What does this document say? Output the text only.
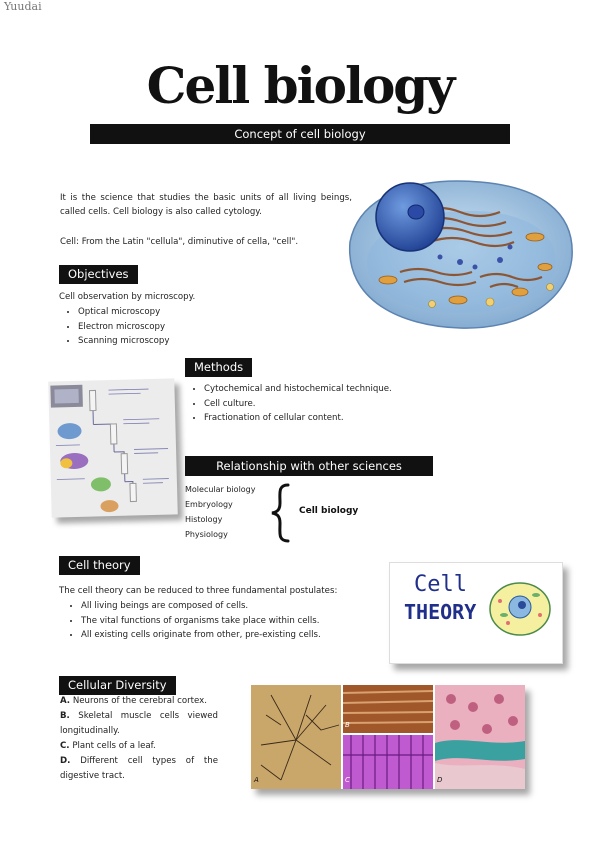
Yuudai
Cell biology
Concept of cell biology
It is the science that studies the basic units of all living beings, called cells. Cell biology is also called cytology.
Cell: From the Latin "cellula", diminutive of cella, "cell".
Objectives
Cell observation by microscopy.
• Optical microscopy
• Electron microscopy
• Scanning microscopy
Methods
• Cytochemical and histochemical technique.
• Cell culture.
• Fractionation of cellular content.
Relationship with other sciences
Molecular biology
Embryology
Histology
Physiology
Cell biology
Cell theory
The cell theory can be reduced to three fundamental postulates:
• All living beings are composed of cells.
• The vital functions of organisms take place within cells.
• All existing cells originate from other, pre-existing cells.
Cell
THEORY
Cellular Diversity
A. Neurons of the cerebral cortex.
B. Skeletal muscle cells viewed longitudinally.
C. Plant cells of a leaf.
D. Different cell types of the digestive tract.	A
B
C	D
